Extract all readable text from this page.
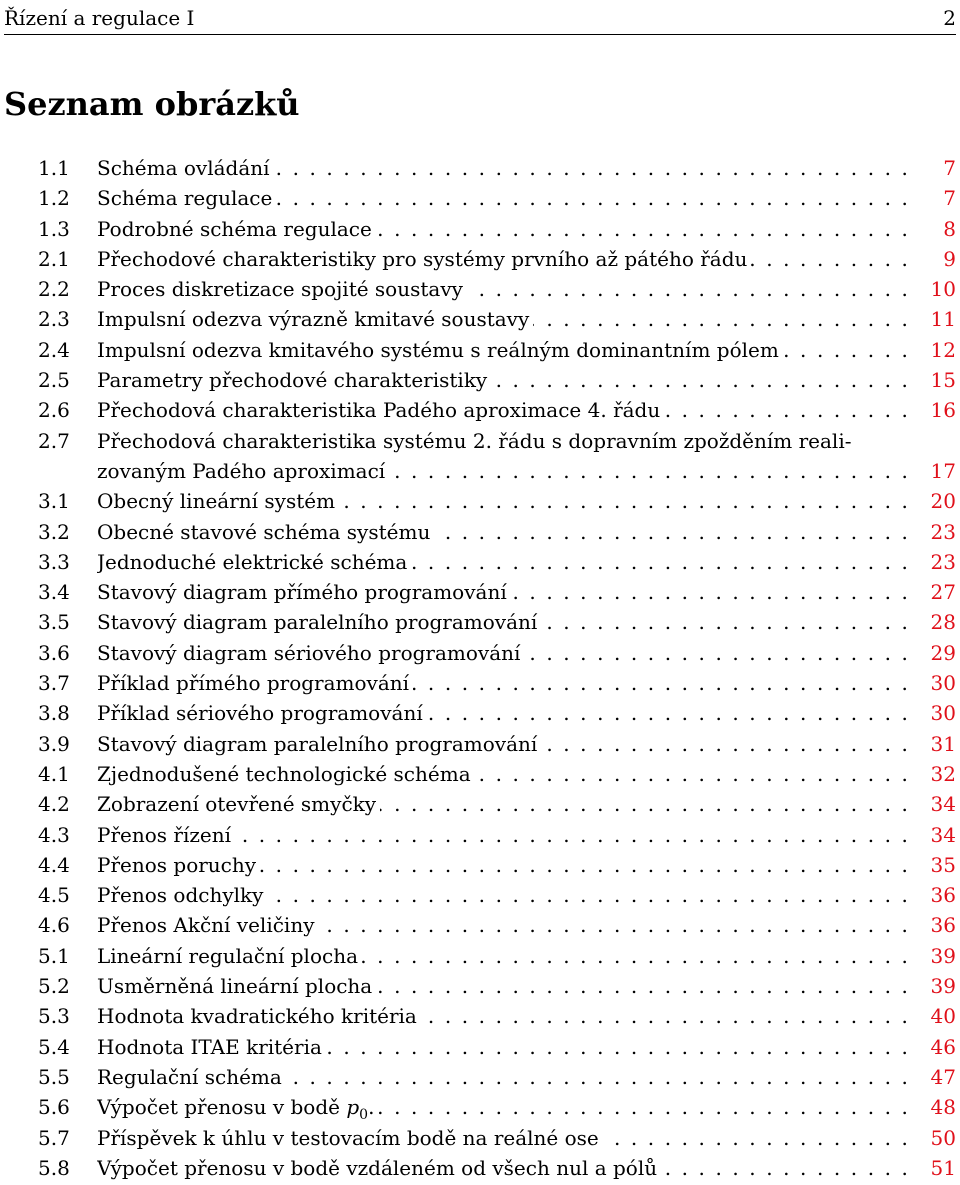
Řízení a regulace I	2
Seznam obrázků
1.1 Schéma ovládání . . .	7
1.2 Schéma regulace . . .	7
1.3 Podrobné schéma regulace . . .	8
2.1 Přechodové charakteristiky pro systémy prvního až pátého řádu . . .	9
2.2 Proces diskretizace spojité soustavy . . .	10
2.3 Impulsní odezva výrazně kmitavé soustavy . . .	11
2.4 Impulsní odezva kmitavého systému s reálným dominantním pólem . . .	12
2.5 Parametry přechodové charakteristiky . . .	15
2.6 Přechodová charakteristika Padého aproximace 4. řádu . . .	16
2.7 Přechodová charakteristika systému 2. řádu s dopravním zpožděním reali-
zovaným Padého aproximací . . .	17
3.1 Obecný lineární systém . . .	20
3.2 Obecné stavové schéma systému . . .	23
3.3 Jednoduché elektrické schéma . . .	23
3.4 Stavový diagram přímého programování . . .	27
3.5 Stavový diagram paralelního programování . . .	28
3.6 Stavový diagram sériového programování . . .	29
3.7 Příklad přímého programování . . .	30
3.8 Příklad sériového programování . . .	30
3.9 Stavový diagram paralelního programování . . .	31
4.1 Zjednodušené technologické schéma . . .	32
4.2 Zobrazení otevřené smyčky . . .	34
4.3 Přenos řízení . . .	34
4.4 Přenos poruchy . . .	35
4.5 Přenos odchylky . . .	36
4.6 Přenos Akční veličiny . . .	36
5.1 Lineární regulační plocha . . .	39
5.2 Usměrněná lineární plocha . . .	39
5.3 Hodnota kvadratického kritéria . . .	40
5.4 Hodnota ITAE kritéria . . .	46
5.5 Regulační schéma . . .	47
5.6 Výpočet přenosu v bodě $p_0$. . . .	48
5.7 Příspěvek k úhlu v testovacím bodě na reálné ose . . .	50
5.8 Výpočet přenosu v bodě vzdáleném od všech nul a pólů . . .	51
